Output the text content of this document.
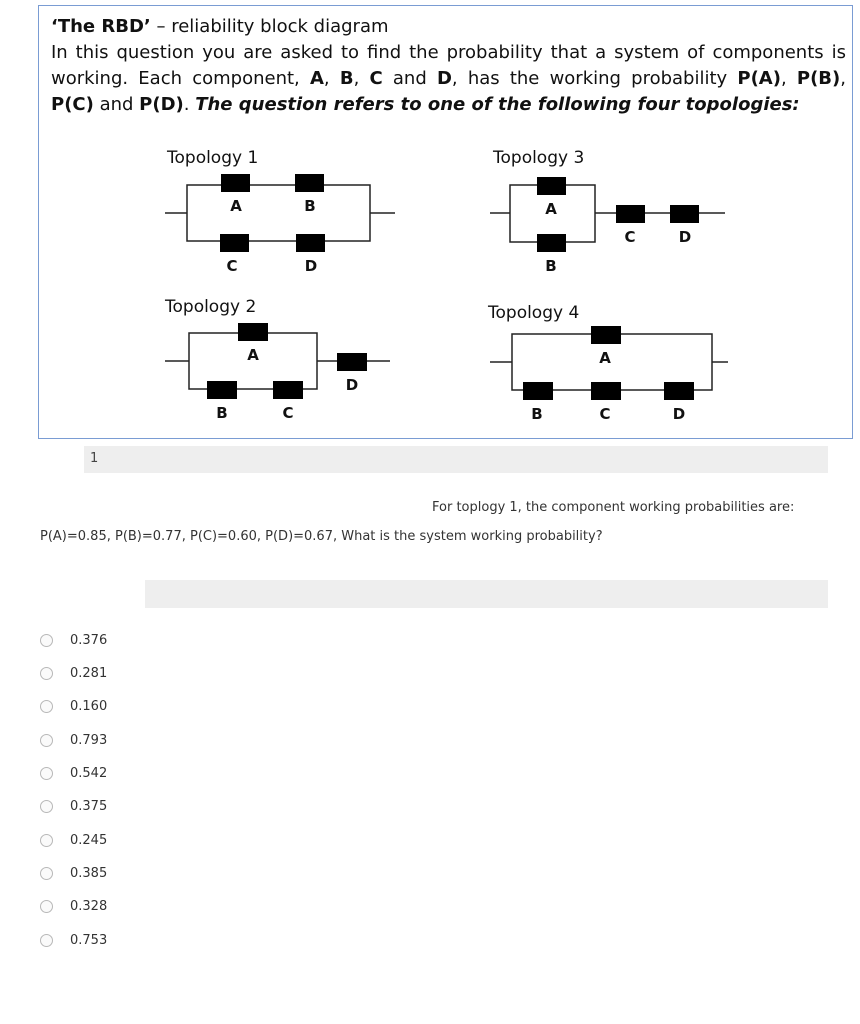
‘The RBD’ – reliability block diagram
In this question you are asked to find the probability that a system of components is
working. Each component, A, B, C and D, has the working probability P(A), P(B),
P(C) and P(D). The question refers to one of the following four topologies:
Topology 1
Topology 2
Topology 3
Topology 4
A	B
C	D
A
B	C
D
A
B
C	D
A
B	C	D
1
For toplogy 1, the component working probabilities are:
P(A)=0.85, P(B)=0.77, P(C)=0.60, P(D)=0.67, What is the system working probability?
0.376
0.281
0.160
0.793
0.542
0.375
0.245
0.385
0.328
0.753
